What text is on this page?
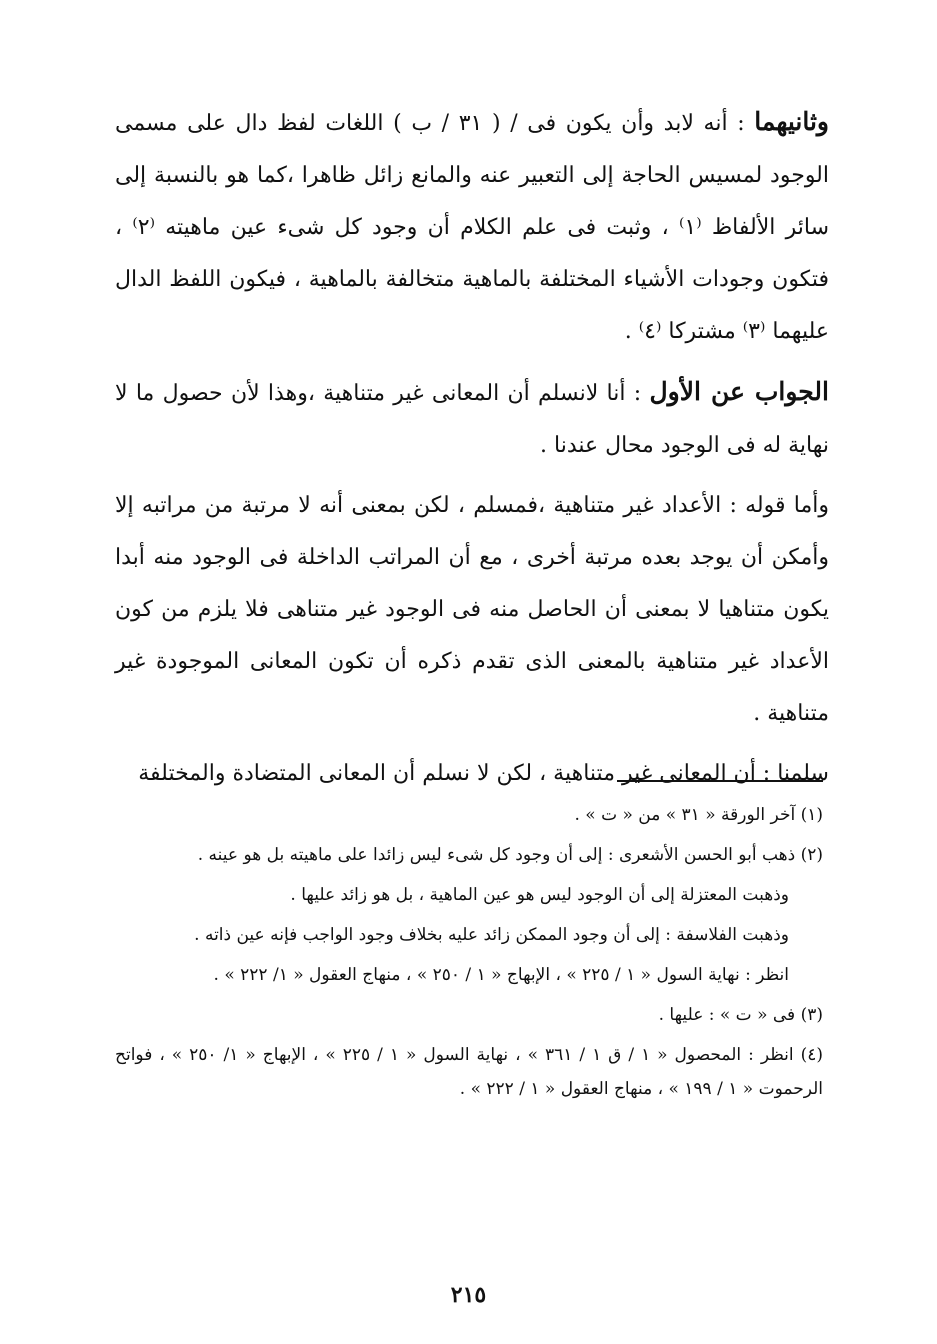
وثانيهما : أنه لابد وأن يكون فى / ( ٣١ / ب ) اللغات لفظ دال على مسمى الوجود لمسيس الحاجة إلى التعبير عنه والمانع زائل ظاهرا ،كما هو بالنسبة إلى سائر الألفاظ ⁽١⁾ ، وثبت فى علم الكلام أن وجود كل شىء عين ماهيته ⁽٢⁾ ، فتكون وجودات الأشياء المختلفة بالماهية متخالفة بالماهية ، فيكون اللفظ الدال عليهما ⁽٣⁾ مشتركا ⁽٤⁾ .

الجواب عن الأول : أنا لانسلم أن المعانى غير متناهية ،وهذا لأن حصول ما لا نهاية له فى الوجود محال عندنا .

وأما قوله : الأعداد غير متناهية ،فمسلم ، لكن بمعنى أنه لا مرتبة من مراتبه إلا وأمكن أن يوجد بعده مرتبة أخرى ، مع أن المراتب الداخلة فى الوجود منه أبدا يكون متناهيا لا بمعنى أن الحاصل منه فى الوجود غير متناهى فلا يلزم من كون الأعداد غير متناهية بالمعنى الذى تقدم ذكره أن تكون المعانى الموجودة غير متناهية .

سلمنا : أن المعانى غير متناهية ، لكن لا نسلم أن المعانى المتضادة والمختلفة

(١) آخر الورقة « ٣١ » من « ت » .

(٢) ذهب أبو الحسن الأشعرى : إلى أن وجود كل شىء ليس زائدا على ماهيته بل هو عينه .

وذهبت المعتزلة إلى أن الوجود ليس هو عين الماهية ، بل هو زائد عليها .

وذهبت الفلاسفة : إلى أن وجود الممكن زائد عليه بخلاف وجود الواجب فإنه عين ذاته .

انظر : نهاية السول « ١ / ٢٢٥ » ، الإبهاج « ١ / ٢٥٠ » ، منهاج العقول « ١/ ٢٢٢ » .

(٣) فى « ت » : عليها .

(٤) انظر : المحصول « ١ / ق ١ / ٣٦١ » ، نهاية السول « ١ / ٢٢٥ » ، الإبهاج « ١/ ٢٥٠ » ، فواتح الرحموت « ١ / ١٩٩ » ، منهاج العقول « ١ / ٢٢٢ » .

٢١٥
